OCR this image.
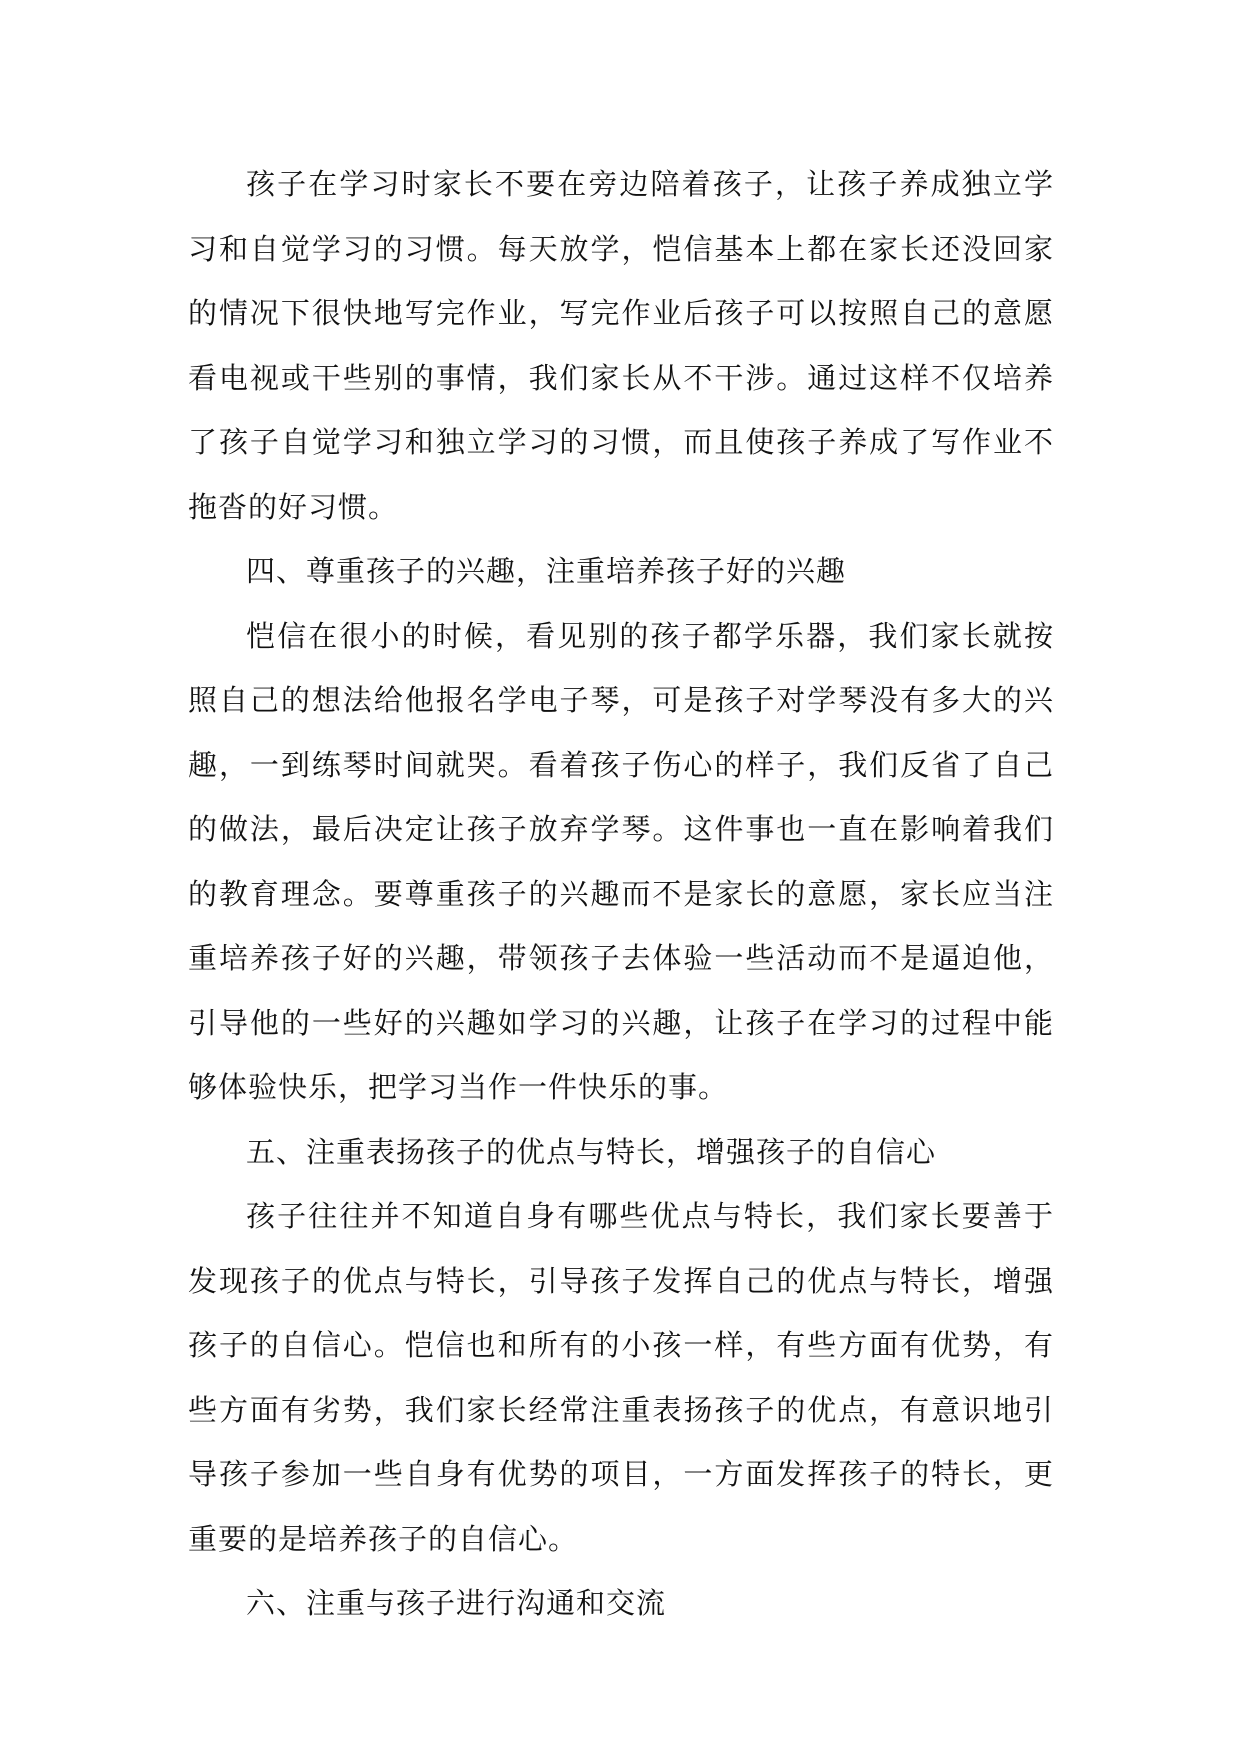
孩子在学习时家长不要在旁边陪着孩子，让孩子养成独立学习和自觉学习的习惯。每天放学，恺信基本上都在家长还没回家的情况下很快地写完作业，写完作业后孩子可以按照自己的意愿看电视或干些别的事情，我们家长从不干涉。通过这样不仅培养了孩子自觉学习和独立学习的习惯，而且使孩子养成了写作业不拖沓的好习惯。

四、尊重孩子的兴趣，注重培养孩子好的兴趣

恺信在很小的时候，看见别的孩子都学乐器，我们家长就按照自己的想法给他报名学电子琴，可是孩子对学琴没有多大的兴趣，一到练琴时间就哭。看着孩子伤心的样子，我们反省了自己的做法，最后决定让孩子放弃学琴。这件事也一直在影响着我们的教育理念。要尊重孩子的兴趣而不是家长的意愿，家长应当注重培养孩子好的兴趣，带领孩子去体验一些活动而不是逼迫他，引导他的一些好的兴趣如学习的兴趣，让孩子在学习的过程中能够体验快乐，把学习当作一件快乐的事。

五、注重表扬孩子的优点与特长，增强孩子的自信心

孩子往往并不知道自身有哪些优点与特长，我们家长要善于发现孩子的优点与特长，引导孩子发挥自己的优点与特长，增强孩子的自信心。恺信也和所有的小孩一样，有些方面有优势，有些方面有劣势，我们家长经常注重表扬孩子的优点，有意识地引导孩子参加一些自身有优势的项目，一方面发挥孩子的特长，更重要的是培养孩子的自信心。

六、注重与孩子进行沟通和交流
